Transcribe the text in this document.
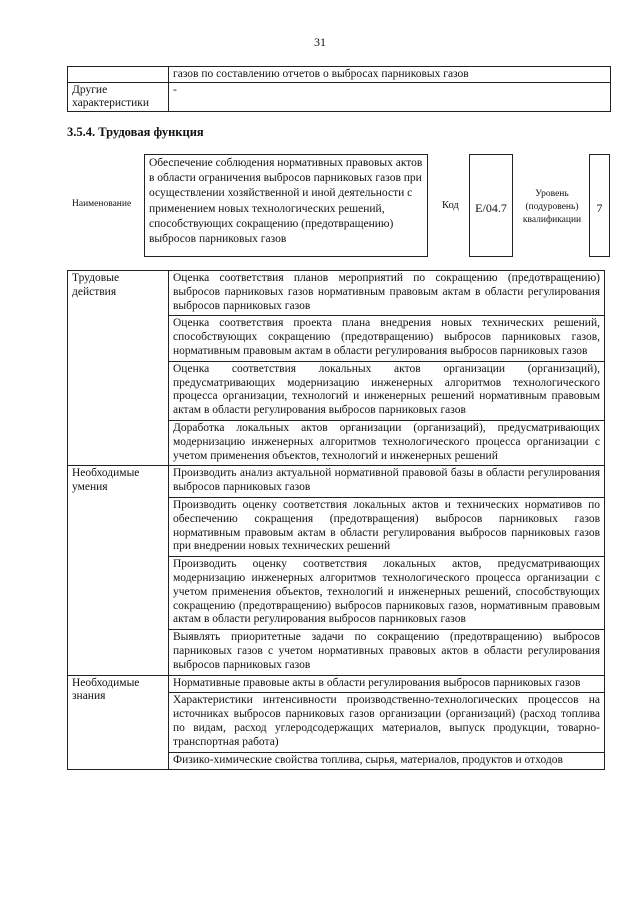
31
	газов по составлению отчетов о выбросах парниковых газов
Другие характеристики	-
3.5.4. Трудовая функция
Наименование
Обеспечение соблюдения нормативных правовых актов в области ограничения выбросов парниковых газов при осуществлении хозяйственной и иной деятельности с применением новых технологических решений, способствующих сокращению (предотвращению) выбросов парниковых газов
Код	E/04.7
Уровень (подуровень) квалификации
7
Трудовые действия	Оценка соответствия планов мероприятий по сокращению (предотвращению) выбросов парниковых газов нормативным правовым актам в области регулирования выбросов парниковых газов
	Оценка соответствия проекта плана внедрения новых технических решений, способствующих сокращению (предотвращению) выбросов парниковых газов, нормативным правовым актам в области регулирования выбросов парниковых газов
	Оценка соответствия локальных актов организации (организаций), предусматривающих модернизацию инженерных алгоритмов технологического процесса организации, технологий и инженерных решений нормативным правовым актам в области регулирования выбросов парниковых газов
	Доработка локальных актов организации (организаций), предусматривающих модернизацию инженерных алгоритмов технологического процесса организации с учетом применения объектов, технологий и инженерных решений
Необходимые умения	Производить анализ актуальной нормативной правовой базы в области регулирования выбросов парниковых газов
	Производить оценку соответствия локальных актов и технических нормативов по обеспечению сокращения (предотвращения) выбросов парниковых газов нормативным правовым актам в области регулирования выбросов парниковых газов при внедрении новых технических решений
	Производить оценку соответствия локальных актов, предусматривающих модернизацию инженерных алгоритмов технологического процесса организации с учетом применения объектов, технологий и инженерных решений, способствующих сокращению (предотвращению) выбросов парниковых газов, нормативным правовым актам в области регулирования выбросов парниковых газов
	Выявлять приоритетные задачи по сокращению (предотвращению) выбросов парниковых газов с учетом нормативных правовых актов в области регулирования выбросов парниковых газов
Необходимые знания	Нормативные правовые акты в области регулирования выбросов парниковых газов
	Характеристики интенсивности производственно-технологических процессов на источниках выбросов парниковых газов организации (организаций) (расход топлива по видам, расход углеродсодержащих материалов, выпуск продукции, товарно-транспортная работа)
	Физико-химические свойства топлива, сырья, материалов, продуктов и отходов
